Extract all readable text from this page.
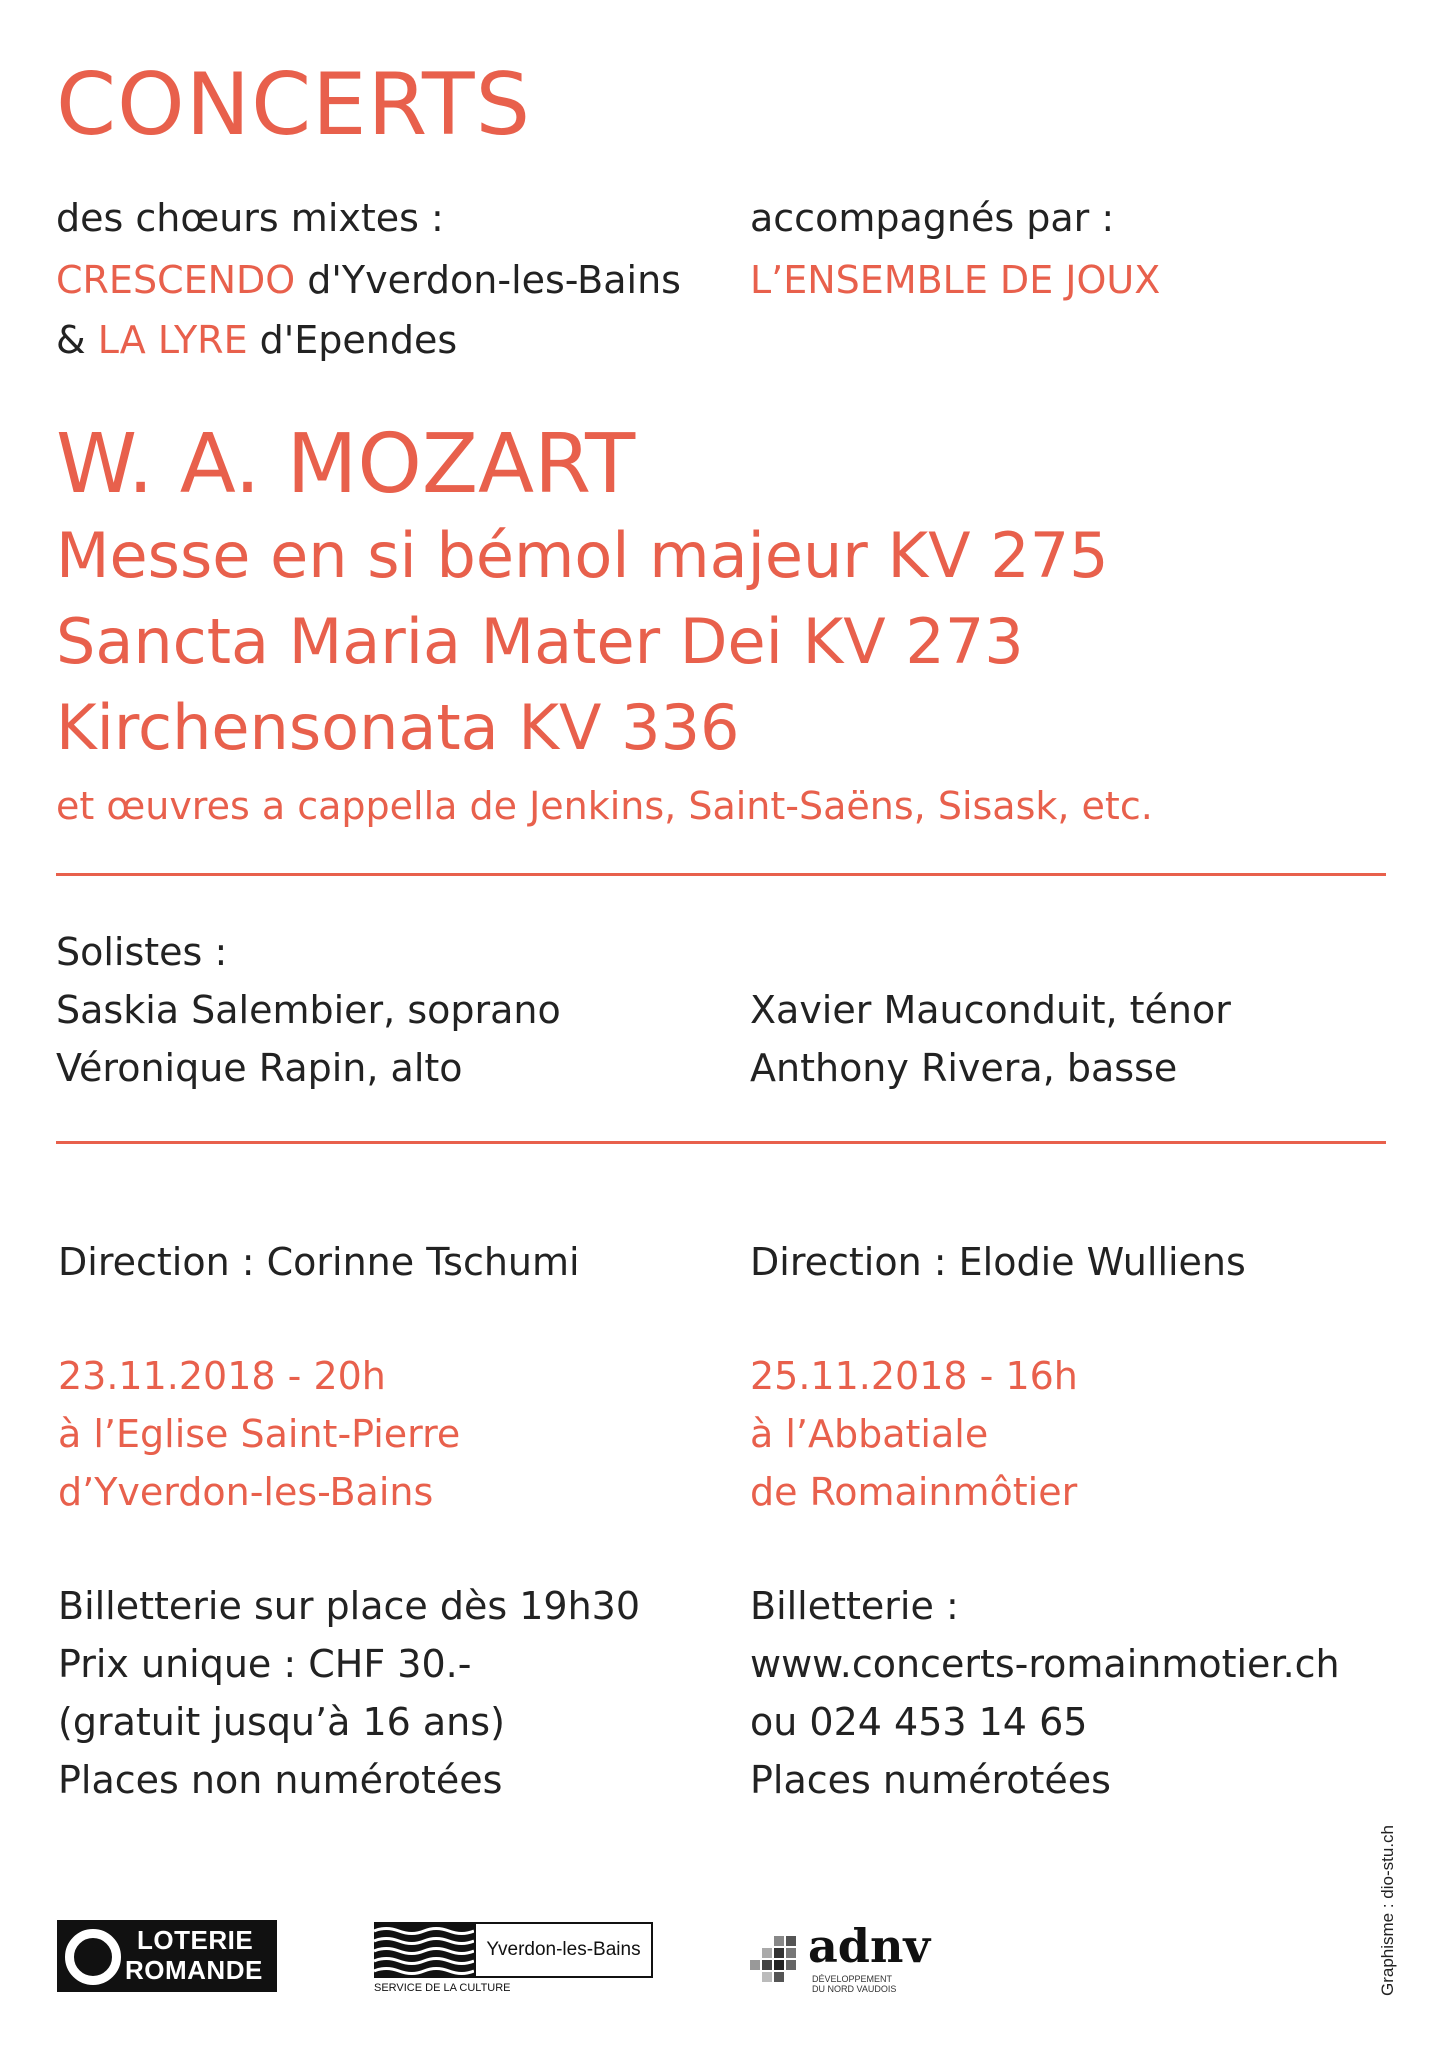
CONCERTS
des chœurs mixtes :
CRESCENDO d'Yverdon-les-Bains
& LA LYRE d'Ependes
accompagnés par :
L’ENSEMBLE DE JOUX
W. A. MOZART
Messe en si bémol majeur KV 275
Sancta Maria Mater Dei KV 273
Kirchensonata KV 336
et œuvres a cappella de Jenkins, Saint-Saëns, Sisask, etc.
Solistes :
Saskia Salembier, soprano
Véronique Rapin, alto
Xavier Mauconduit, ténor
Anthony Rivera, basse
Direction : Corinne Tschumi	Direction : Elodie Wulliens
23.11.2018 - 20h
à l’Eglise Saint-Pierre
d’Yverdon-les-Bains
25.11.2018 - 16h
à l’Abbatiale
de Romainmôtier
Billetterie sur place dès 19h30
Prix unique : CHF 30.-
(gratuit jusqu’à 16 ans)
Places non numérotées
Billetterie :
www.concerts-romainmotier.ch
ou 024 453 14 65
Places numérotées
LOTERIE
ROMANDE
Yverdon-les-Bains
SERVICE DE LA CULTURE
adnv
DÉVELOPPEMENT
DU NORD VAUDOIS	Graphisme : dio-stu.ch
